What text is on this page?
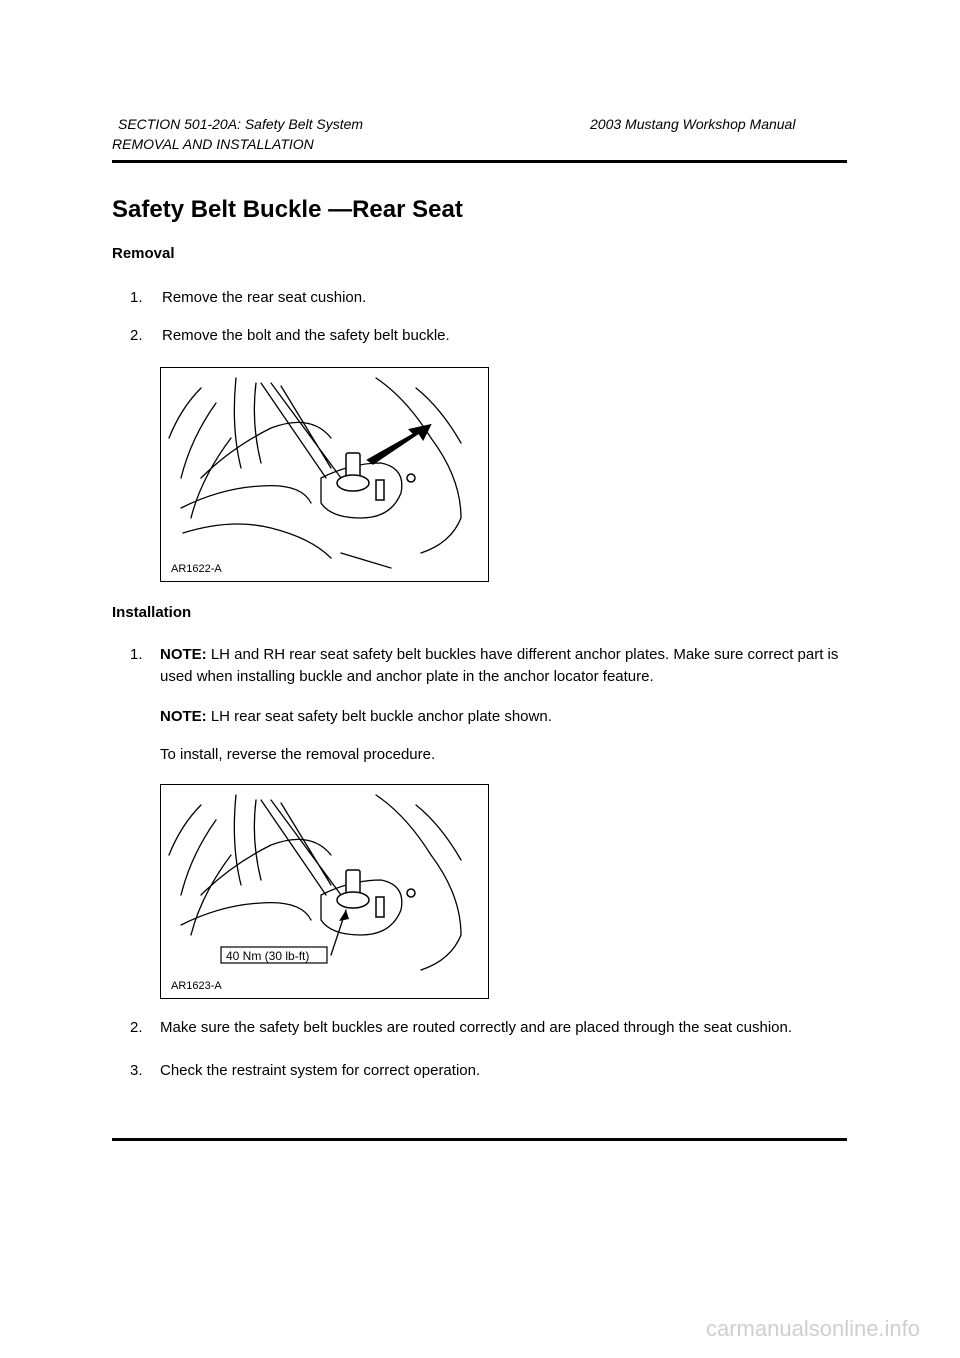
SECTION 501-20A: Safety Belt System	2003 Mustang Workshop Manual
REMOVAL AND INSTALLATION
Safety Belt Buckle —Rear Seat
Removal
1.	Remove the rear seat cushion.
2.	Remove the bolt and the safety belt buckle.
AR1622-A
Installation
1.	NOTE: LH and RH rear seat safety belt buckles have different anchor plates. Make sure correct part is used when installing buckle and anchor plate in the anchor locator feature.
NOTE: LH rear seat safety belt buckle anchor plate shown.
To install, reverse the removal procedure.
40 Nm (30 lb-ft)
AR1623-A
2.	Make sure the safety belt buckles are routed correctly and are placed through the seat cushion.
3.	Check the restraint system for correct operation.
carmanualsonline.info
